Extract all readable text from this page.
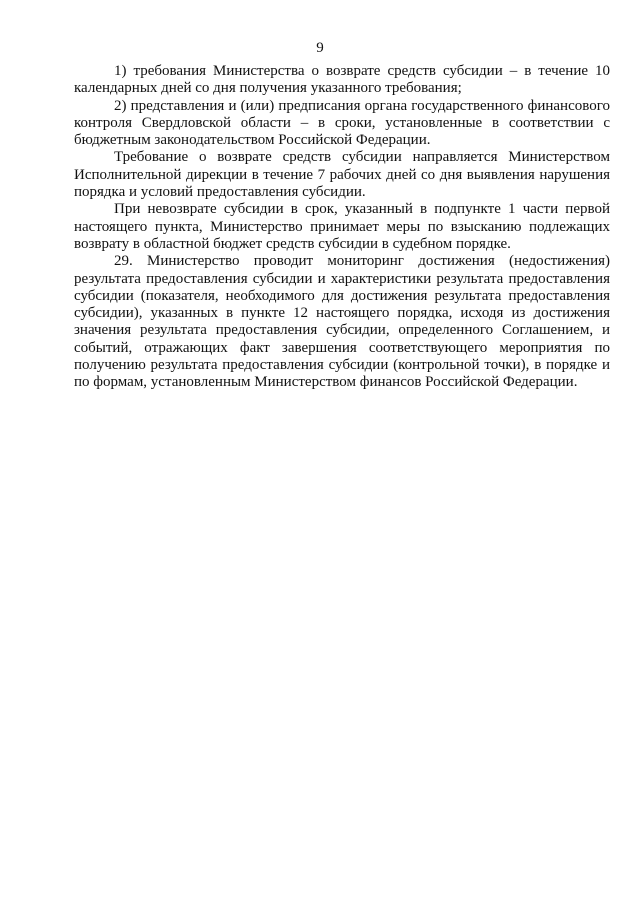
9

1) требования Министерства о возврате средств субсидии – в течение 10 календарных дней со дня получения указанного требования;

2) представления и (или) предписания органа государственного финансового контроля Свердловской области – в сроки, установленные в соответствии с бюджетным законодательством Российской Федерации.

Требование о возврате средств субсидии направляется Министерством Исполнительной дирекции в течение 7 рабочих дней со дня выявления нарушения порядка и условий предоставления субсидии.

При невозврате субсидии в срок, указанный в подпункте 1 части первой настоящего пункта, Министерство принимает меры по взысканию подлежащих возврату в областной бюджет средств субсидии в судебном порядке.

29. Министерство проводит мониторинг достижения (недостижения) результата предоставления субсидии и характеристики результата предоставления субсидии (показателя, необходимого для достижения результата предоставления субсидии), указанных в пункте 12 настоящего порядка, исходя из достижения значения результата предоставления субсидии, определенного Соглашением, и событий, отражающих факт завершения соответствующего мероприятия по получению результата предоставления субсидии (контрольной точки), в порядке и по формам, установленным Министерством финансов Российской Федерации.
